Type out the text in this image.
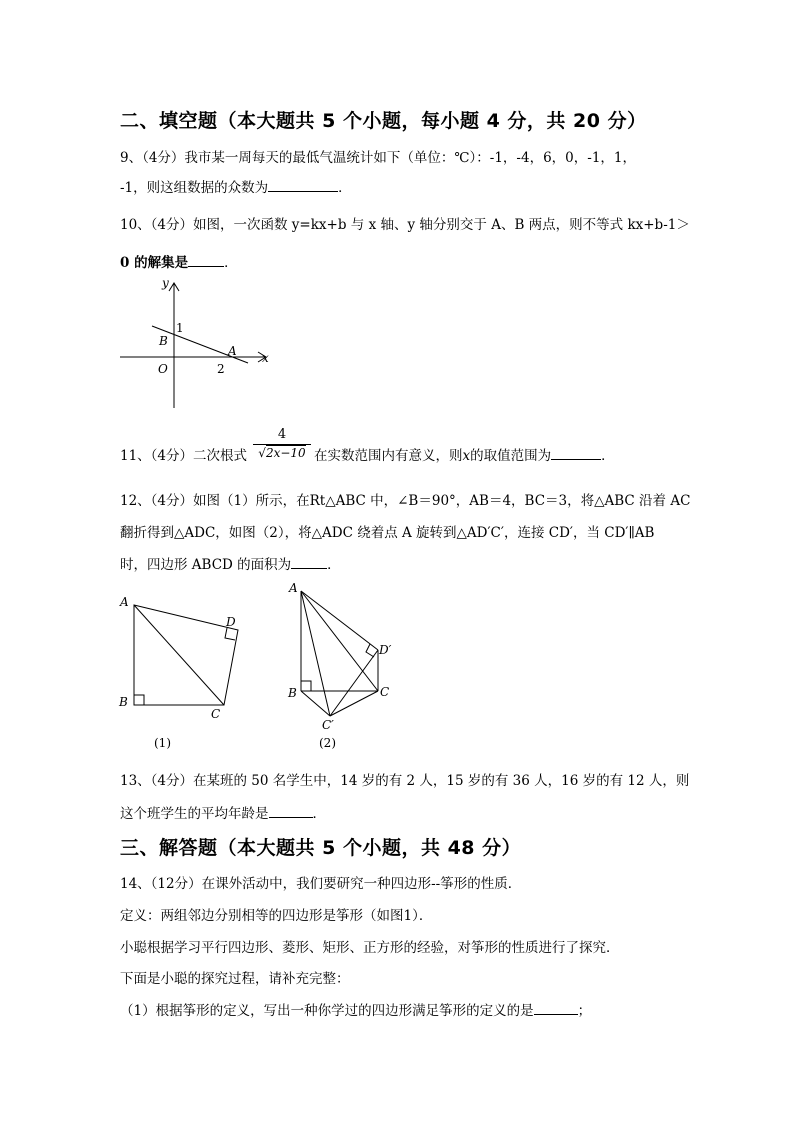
二、填空题（本大题共 5 个小题，每小题 4 分，共 20 分）
9、（4分）我市某一周每天的最低气温统计如下（单位：℃）：-1，-4，6，0，-1，1，
-1，则这组数据的众数为	．
10、（4分）如图，一次函数 y=kx+b 与 x 轴、y 轴分别交于 A、B 两点，则不等式 kx+b-1＞
0 的解集是	．
y
x
O
B
A
1
2
11、（4分）二次根式 $\frac{4}{√2x-10}$ 在实数范围内有意义，则x的取值范围为	．
12、（4分）如图（1）所示，在Rt△ABC 中，∠B＝90°，AB＝4，BC＝3，将△ABC 沿着 AC
翻折得到△ADC，如图（2），将△ADC 绕着点 A 旋转到△AD′C′，连接 CD′，当 CD′∥AB
时，四边形 ABCD 的面积为	．
A
D
B
C
(1)
A
D′
B	C
C′
(2)
13、（4分）在某班的 50 名学生中，14 岁的有 2 人，15 岁的有 36 人，16 岁的有 12 人，则
这个班学生的平均年龄是	．
三、解答题（本大题共 5 个小题，共 48 分）
14、（12分）在课外活动中，我们要研究一种四边形--筝形的性质．
定义：两组邻边分别相等的四边形是筝形（如图1）．
小聪根据学习平行四边形、菱形、矩形、正方形的经验，对筝形的性质进行了探究．
下面是小聪的探究过程，请补充完整：
（1）根据筝形的定义，写出一种你学过的四边形满足筝形的定义的是	；
